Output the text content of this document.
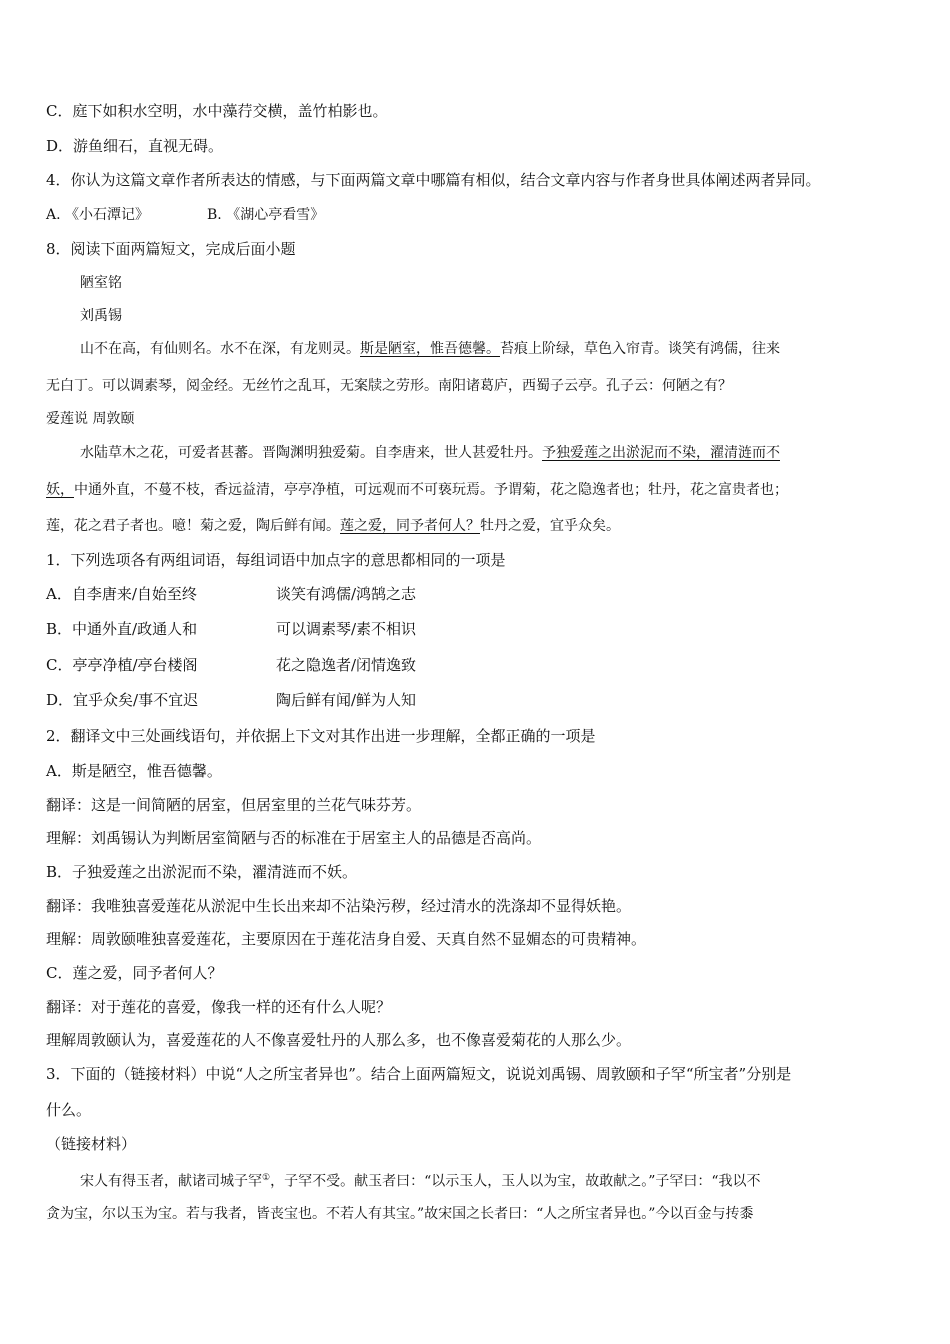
C．庭下如积水空明，水中藻荇交横，盖竹柏影也。
D．游鱼细石，直视无碍。
4．你认为这篇文章作者所表达的情感，与下面两篇文章中哪篇有相似，结合文章内容与作者身世具体阐述两者异同。
A. 《小石潭记》	B. 《湖心亭看雪》
8．阅读下面两篇短文，完成后面小题
陋室铭
刘禹锡
山不在高，有仙则名。水不在深，有龙则灵。斯是陋室，惟吾德馨。苔痕上阶绿，草色入帘青。谈笑有鸿儒，往来
无白丁。可以调素琴，阅金经。无丝竹之乱耳，无案牍之劳形。南阳诸葛庐，西蜀子云亭。孔子云：何陋之有？
爱莲说 周敦颐
水陆草木之花，可爱者甚蕃。晋陶渊明独爱菊。自李唐来，世人甚爱牡丹。予独爱莲之出淤泥而不染，濯清涟而不
妖，中通外直，不蔓不枝，香远益清，亭亭净植，可远观而不可亵玩焉。予谓菊，花之隐逸者也；牡丹，花之富贵者也；
莲，花之君子者也。噫！菊之爱，陶后鲜有闻。莲之爱，同予者何人？牡丹之爱，宜乎众矣。
1．下列选项各有两组词语，每组词语中加点字的意思都相同的一项是
A．自李唐来/自始至终	谈笑有鸿儒/鸿鹄之志
B．中通外直/政通人和	可以调素琴/素不相识
C．亭亭净植/亭台楼阁	花之隐逸者/闭情逸致
D．宜乎众矣/事不宜迟	陶后鲜有闻/鲜为人知
2．翻译文中三处画线语句，并依据上下文对其作出进一步理解，全都正确的一项是
A．斯是陋空，惟吾德馨。
翻译：这是一间简陋的居室，但居室里的兰花气味芬芳。
理解：刘禹锡认为判断居室简陋与否的标准在于居室主人的品德是否高尚。
B．子独爱莲之出淤泥而不染，濯清涟而不妖。
翻译：我唯独喜爱莲花从淤泥中生长出来却不沾染污秽，经过清水的洗涤却不显得妖艳。
理解：周敦颐唯独喜爱莲花，主要原因在于莲花洁身自爱、天真自然不显媚态的可贵精神。
C．莲之爱，同予者何人？
翻译：对于莲花的喜爱，像我一样的还有什么人呢？
理解周敦颐认为，喜爱莲花的人不像喜爱牡丹的人那么多，也不像喜爱菊花的人那么少。
3．下面的（链接材料）中说“人之所宝者异也”。结合上面两篇短文，说说刘禹锡、周敦颐和子罕“所宝者”分别是
什么。
（链接材料）
宋人有得玉者，献诸司城子罕①，子罕不受。献玉者曰：“以示玉人，玉人以为宝，故敢献之。”子罕曰：“我以不
贪为宝，尔以玉为宝。若与我者，皆丧宝也。不若人有其宝。”故宋国之长者曰：“人之所宝者异也。”今以百金与抟黍
